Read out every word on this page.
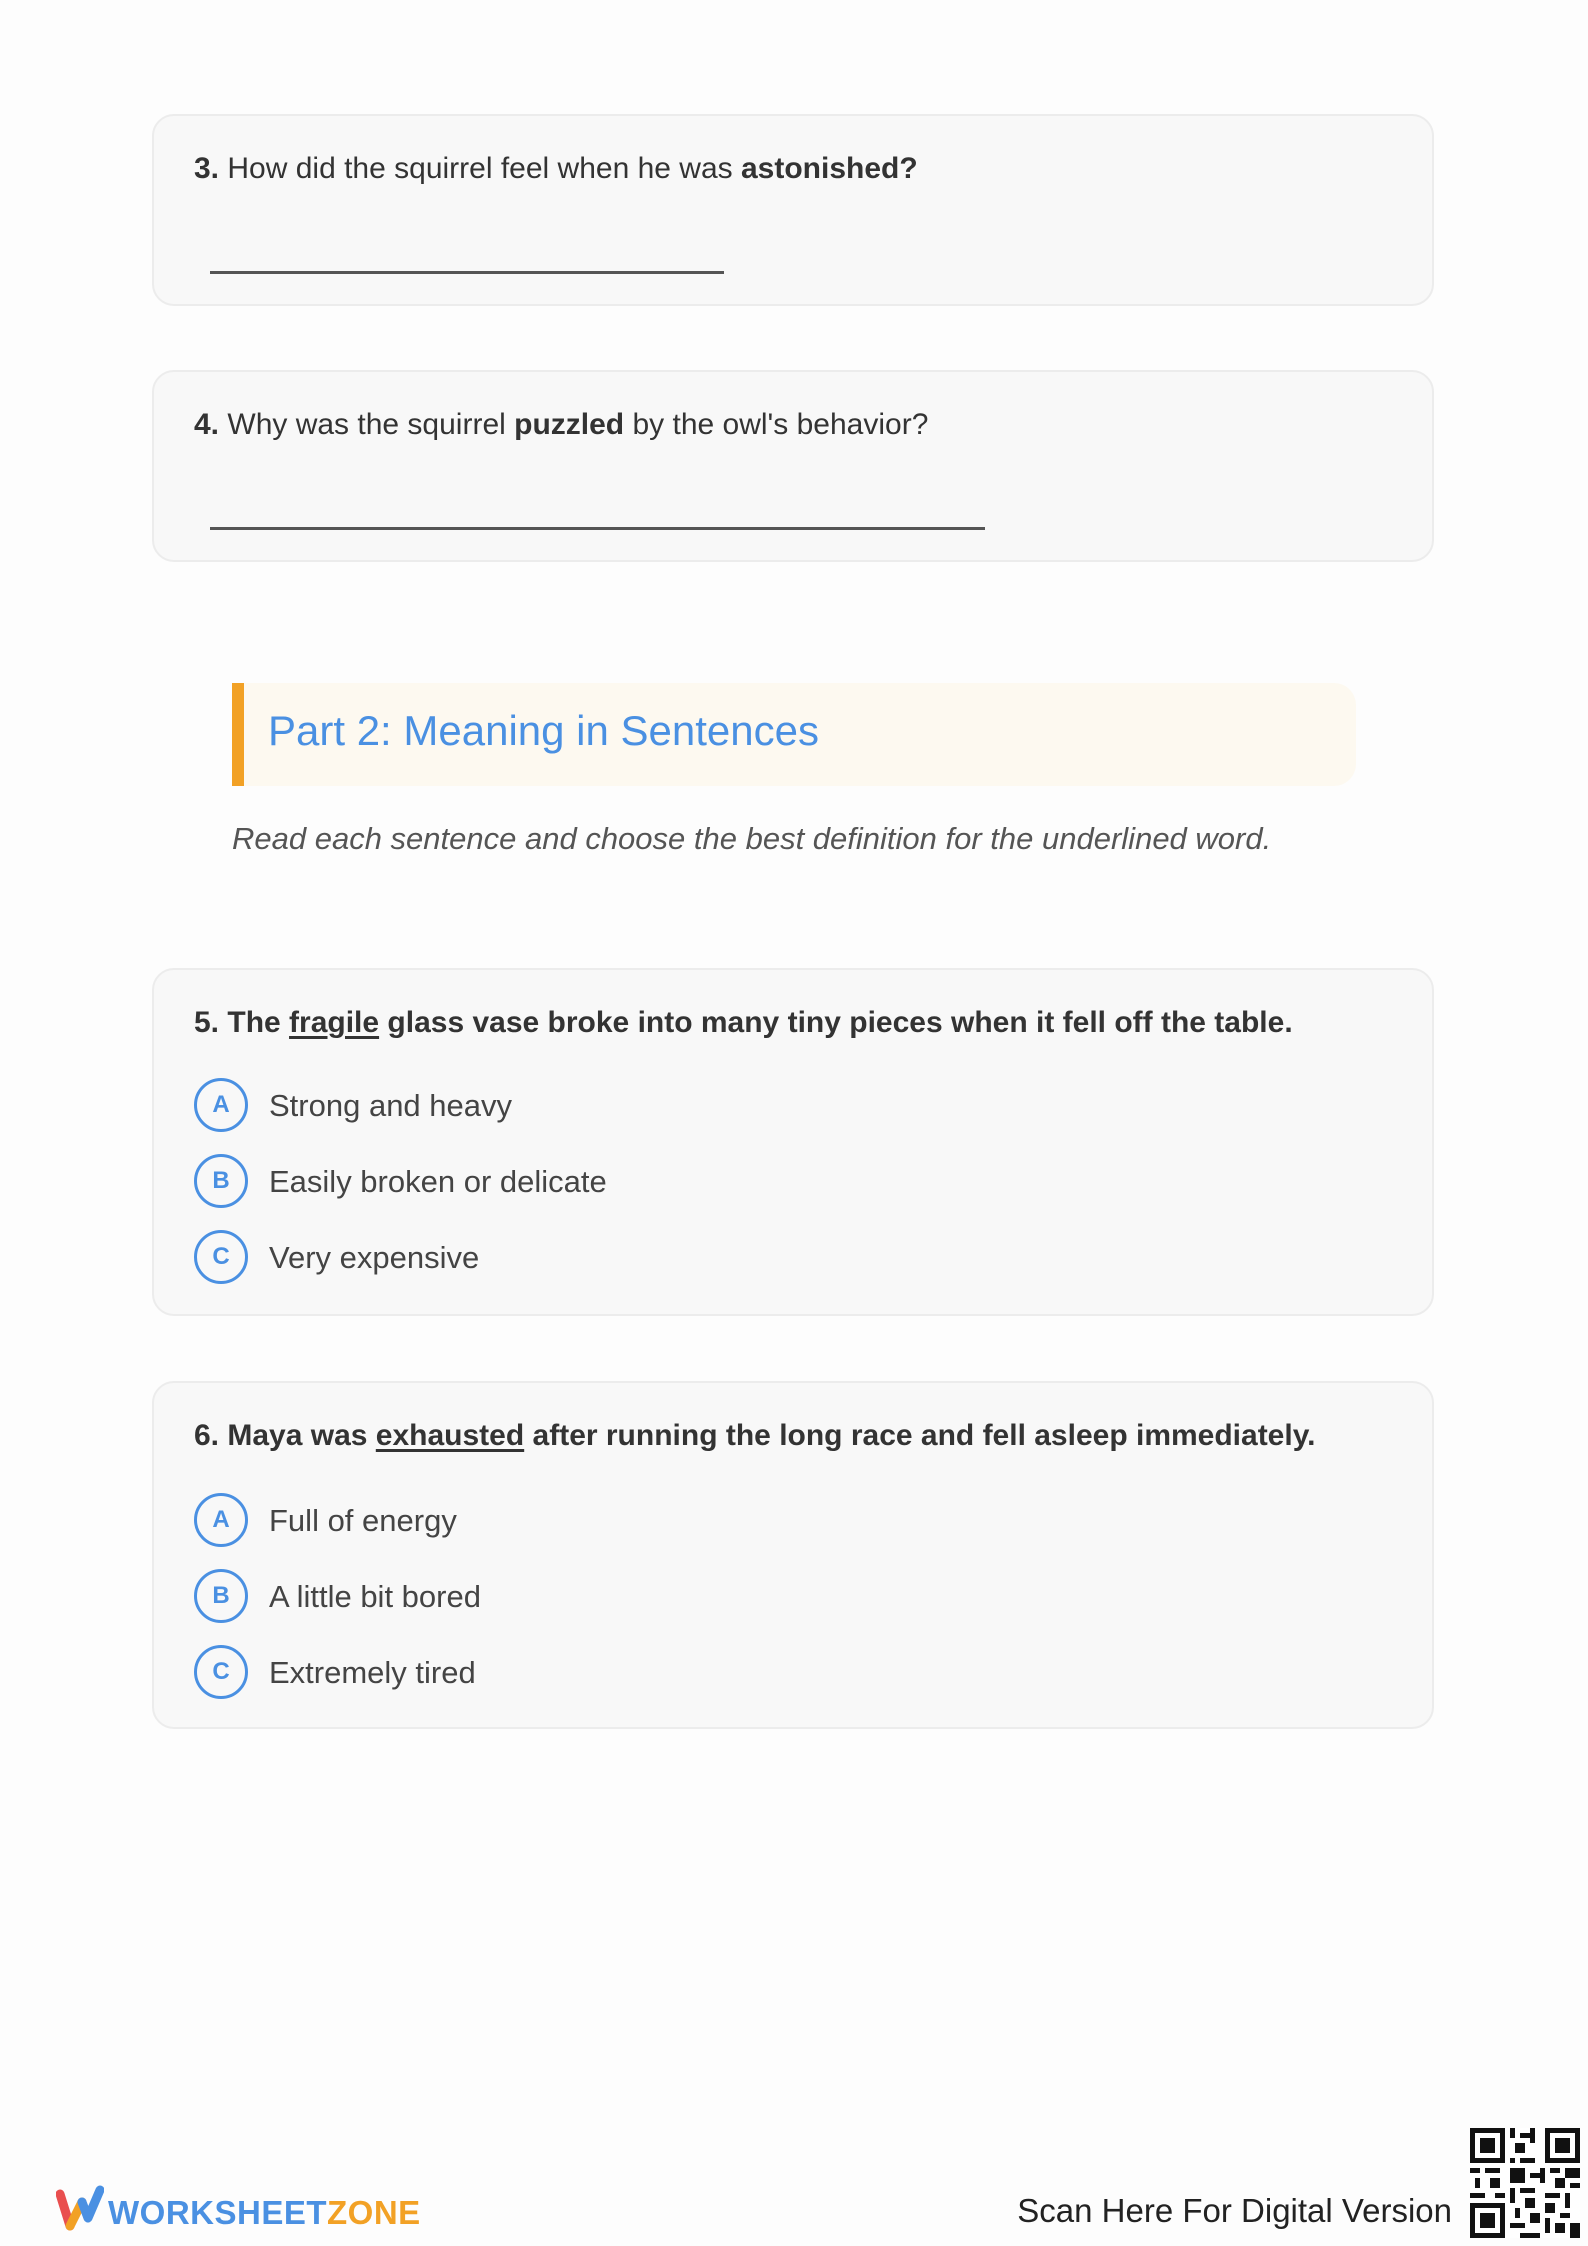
3. How did the squirrel feel when he was astonished?
4. Why was the squirrel puzzled by the owl's behavior?
Part 2: Meaning in Sentences
Read each sentence and choose the best definition for the underlined word.
5. The fragile glass vase broke into many tiny pieces when it fell off the table.
A	Strong and heavy
B	Easily broken or delicate
C	Very expensive
6. Maya was exhausted after running the long race and fell asleep immediately.
A	Full of energy
B	A little bit bored
C	Extremely tired
WORKSHEETZONE	Scan Here For Digital Version
